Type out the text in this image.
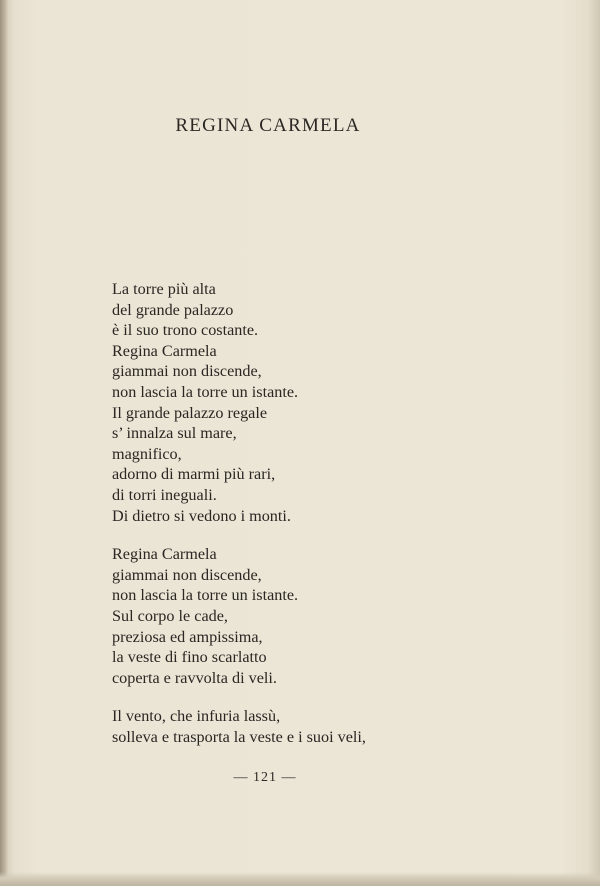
REGINA CARMELA
La torre più alta
del grande palazzo
è il suo trono costante.
Regina Carmela
giammai non discende,
non lascia la torre un istante.
Il grande palazzo regale
s’ innalza sul mare,
magnifico,
adorno di marmi più rari,
di torri ineguali.
Di dietro si vedono i monti.
Regina Carmela
giammai non discende,
non lascia la torre un istante.
Sul corpo le cade,
preziosa ed ampissima,
la veste di fino scarlatto
coperta e ravvolta di veli.
Il vento, che infuria lassù,
solleva e trasporta la veste e i suoi veli,
— 121 —
